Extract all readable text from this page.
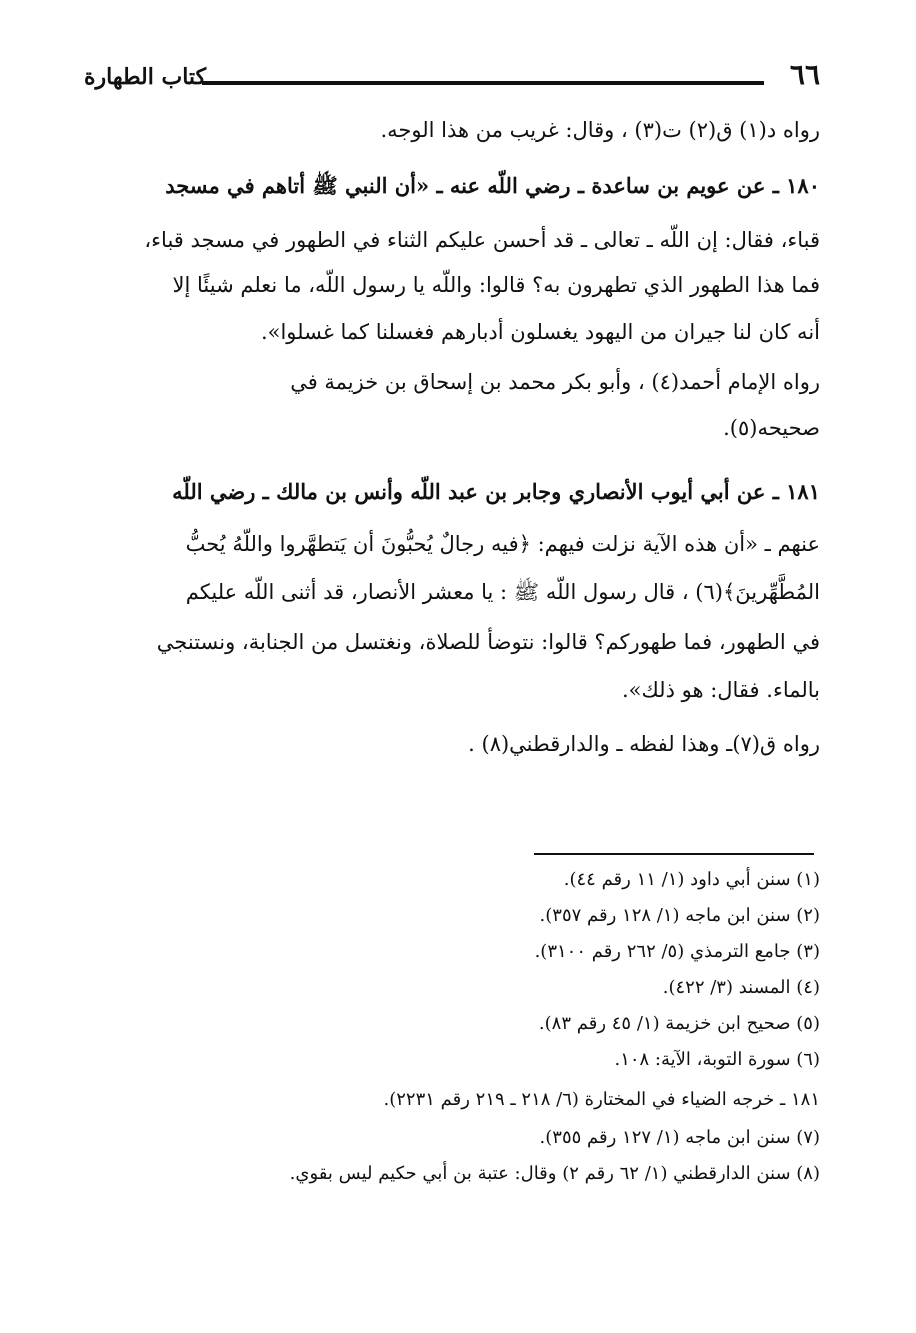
٦٦
كتاب الطهارة
رواه د(١) ق(٢) ت(٣) ، وقال: غريب من هذا الوجه.
١٨٠ ـ عن عويم بن ساعدة ـ رضي اللّه عنه ـ «أن النبي ﷺ أتاهم في مسجد
قباء، فقال: إن اللّه ـ تعالى ـ قد أحسن عليكم الثناء في الطهور في مسجد قباء،
فما هذا الطهور الذي تطهرون به؟ قالوا: واللّه يا رسول اللّه، ما نعلم شيئًا إلا
أنه كان لنا جيران من اليهود يغسلون أدبارهم فغسلنا كما غسلوا».
رواه الإمام أحمد(٤) ، وأبو بكر محمد بن إسحاق بن خزيمة في
صحيحه(٥).
١٨١ ـ عن أبي أيوب الأنصاري وجابر بن عبد اللّه وأنس بن مالك ـ رضي اللّه
عنهم ـ «أن هذه الآية نزلت فيهم: ﴿فيه رجالٌ يُحبُّونَ أن يَتطهَّروا واللّهُ يُحبُّ
المُطَّهِّرينَ﴾(٦) ، قال رسول اللّه ﷺ : يا معشر الأنصار، قد أثنى اللّه عليكم
في الطهور، فما طهوركم؟ قالوا: نتوضأ للصلاة، ونغتسل من الجنابة، ونستنجي
بالماء. فقال: هو ذلك».
رواه ق(٧)ـ وهذا لفظه ـ والدارقطني(٨) .
(١) سنن أبي داود (١/ ١١ رقم ٤٤).
(٢) سنن ابن ماجه (١/ ١٢٨ رقم ٣٥٧).
(٣) جامع الترمذي (٥/ ٢٦٢ رقم ٣١٠٠).
(٤) المسند (٣/ ٤٢٢).
(٥) صحيح ابن خزيمة (١/ ٤٥ رقم ٨٣).
(٦) سورة التوبة، الآية: ١٠٨.
١٨١ ـ خرجه الضياء في المختارة (٦/ ٢١٨ ـ ٢١٩ رقم ٢٢٣١).
(٧) سنن ابن ماجه (١/ ١٢٧ رقم ٣٥٥).
(٨) سنن الدارقطني (١/ ٦٢ رقم ٢) وقال: عتبة بن أبي حكيم ليس بقوي.
